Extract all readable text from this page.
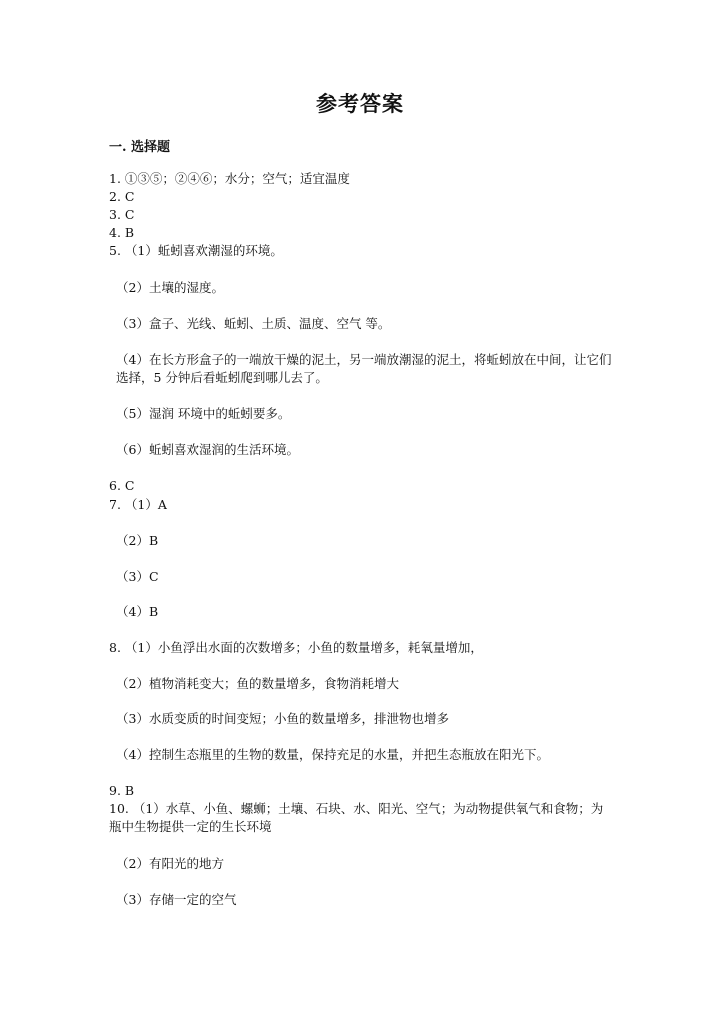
参考答案
一. 选择题
1. ①③⑤；②④⑥；水分；空气；适宜温度
2. C
3. C
4. B
5. （1）蚯蚓喜欢潮湿的环境。
（2）土壤的湿度。
（3）盒子、光线、蚯蚓、土质、温度、空气 等。
（4）在长方形盒子的一端放干燥的泥土，另一端放潮湿的泥土，将蚯蚓放在中间，让它们选择，5 分钟后看蚯蚓爬到哪儿去了。
（5）湿润 环境中的蚯蚓要多。
（6）蚯蚓喜欢湿润的生活环境。
6. C
7. （1）A
（2）B
（3）C
（4）B
8. （1）小鱼浮出水面的次数增多；小鱼的数量增多，耗氧量增加，
（2）植物消耗变大；鱼的数量增多，食物消耗增大
（3）水质变质的时间变短；小鱼的数量增多，排泄物也增多
（4）控制生态瓶里的生物的数量，保持充足的水量，并把生态瓶放在阳光下。
9. B
10. （1）水草、小鱼、螺蛳；土壤、石块、水、阳光、空气；为动物提供氧气和食物；为瓶中生物提供一定的生长环境
（2）有阳光的地方
（3）存储一定的空气
